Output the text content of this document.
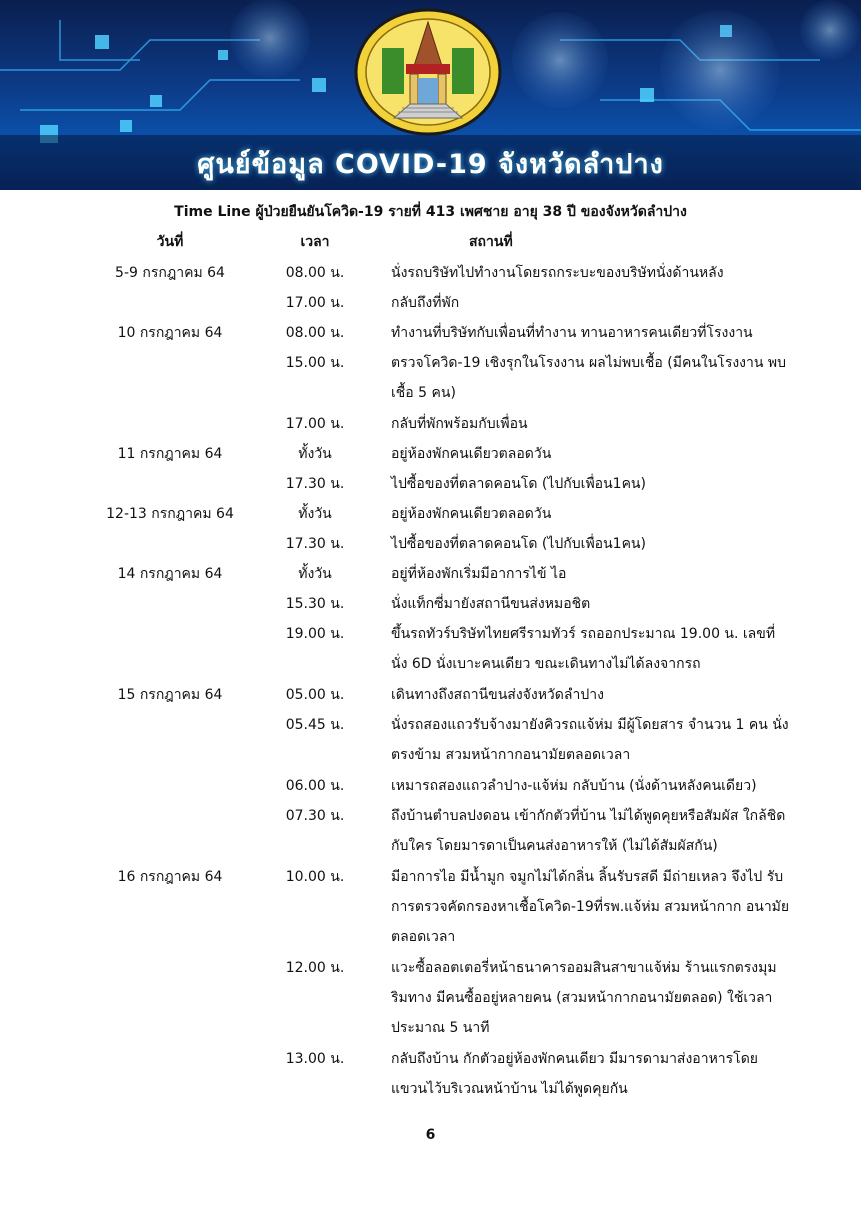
ศูนย์ข้อมูล COVID-19 จังหวัดลำปาง
Time Line ผู้ป่วยยืนยันโควิด-19 รายที่ 413 เพศชาย อายุ 38 ปี ของจังหวัดลำปาง
วันที่	เวลา	สถานที่
5-9 กรกฎาคม 64	08.00 น.	นั่งรถบริษัทไปทำงานโดยรถกระบะของบริษัทนั่งด้านหลัง
17.00 น.	กลับถึงที่พัก
10 กรกฎาคม 64	08.00 น.	ทำงานที่บริษัทกับเพื่อนที่ทำงาน ทานอาหารคนเดียวที่โรงงาน
15.00 น.	ตรวจโควิด-19 เชิงรุกในโรงงาน ผลไม่พบเชื้อ (มีคนในโรงงาน พบเชื้อ 5 คน)
17.00 น.	กลับที่พักพร้อมกับเพื่อน
11 กรกฎาคม 64	ทั้งวัน	อยู่ห้องพักคนเดียวตลอดวัน
17.30 น.	ไปซื้อของที่ตลาดคอนโด (ไปกับเพื่อน1คน)
12-13 กรกฎาคม 64	ทั้งวัน	อยู่ห้องพักคนเดียวตลอดวัน
17.30 น.	ไปซื้อของที่ตลาดคอนโด (ไปกับเพื่อน1คน)
14 กรกฎาคม 64	ทั้งวัน	อยู่ที่ห้องพักเริ่มมีอาการไข้ ไอ
15.30 น.	นั่งแท็กซี่มายังสถานีขนส่งหมอชิต
19.00 น.	ขึ้นรถทัวร์บริษัทไทยศรีรามทัวร์ รถออกประมาณ 19.00 น. เลขที่นั่ง 6D นั่งเบาะคนเดียว ขณะเดินทางไม่ได้ลงจากรถ
15 กรกฎาคม 64	05.00 น.	เดินทางถึงสถานีขนส่งจังหวัดลำปาง
05.45 น.	นั่งรถสองแถวรับจ้างมายังคิวรถแจ้ห่ม มีผู้โดยสาร จำนวน 1 คน นั่งตรงข้าม สวมหน้ากากอนามัยตลอดเวลา
06.00 น.	เหมารถสองแถวลำปาง-แจ้ห่ม กลับบ้าน (นั่งด้านหลังคนเดียว)
07.30 น.	ถึงบ้านตำบลปงดอน เข้ากักตัวที่บ้าน ไม่ได้พูดคุยหรือสัมผัส ใกล้ชิดกับใคร โดยมารดาเป็นคนส่งอาหารให้ (ไม่ได้สัมผัสกัน)
16 กรกฎาคม 64	10.00 น.	มีอาการไอ มีน้ำมูก จมูกไม่ได้กลิ่น ลิ้นรับรสดี มีถ่ายเหลว จึงไป รับการตรวจคัดกรองหาเชื้อโควิด-19ที่รพ.แจ้ห่ม สวมหน้ากาก อนามัยตลอดเวลา
12.00 น.	แวะซื้อลอตเตอรี่หน้าธนาคารออมสินสาขาแจ้ห่ม ร้านแรกตรงมุม ริมทาง มีคนซื้ออยู่หลายคน (สวมหน้ากากอนามัยตลอด) ใช้เวลา ประมาณ 5 นาที
13.00 น.	กลับถึงบ้าน กักตัวอยู่ห้องพักคนเดียว มีมารดามาส่งอาหารโดย แขวนไว้บริเวณหน้าบ้าน ไม่ได้พูดคุยกัน
6
